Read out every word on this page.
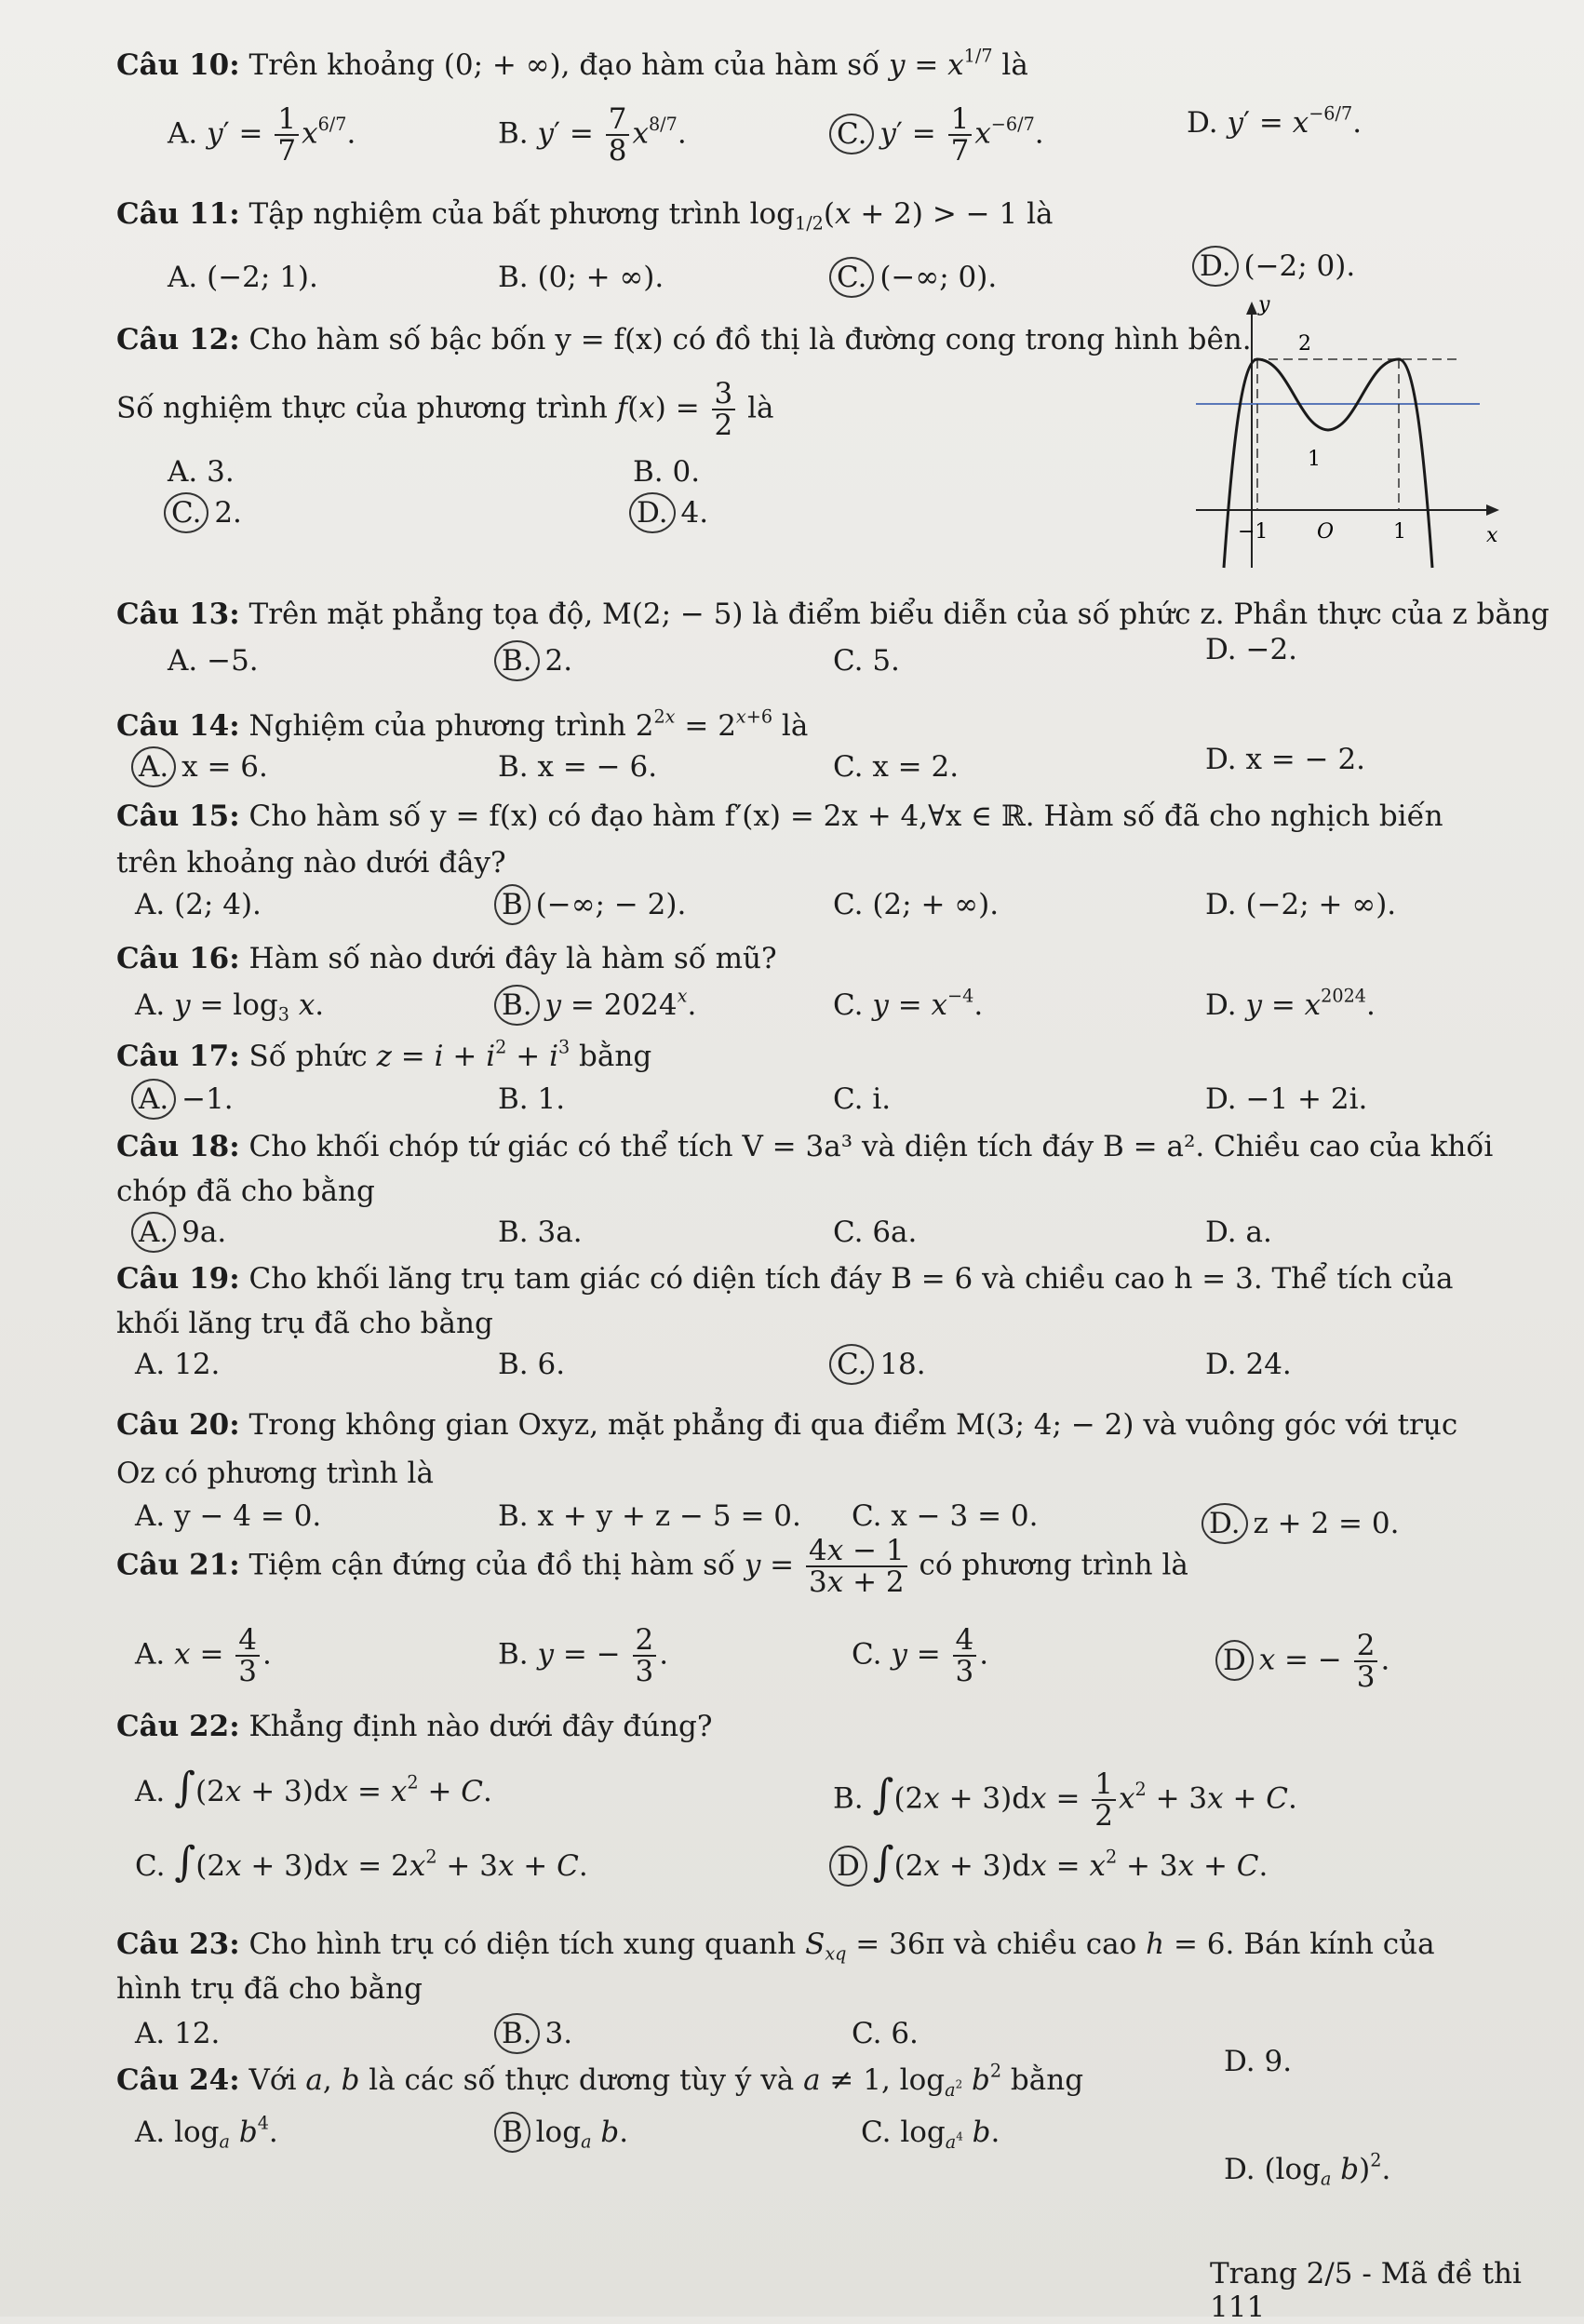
Câu 10: Trên khoảng (0; + ∞), đạo hàm của hàm số $y = x^{1/7}$ là
A. $y' = \frac{1}{7} x^{6/7}$.	B. $y' = \frac{7}{8} x^{8/7}$.	C. $y' = \frac{1}{7} x^{-6/7}$.	D. $y' = x^{-6/7}$.
Câu 11: Tập nghiệm của bất phương trình $\log_{1/2}(x + 2)$ > − 1 là
A. (−2; 1).	B. (0; + ∞).	C. (−∞; 0).	D. (−2; 0).
Câu 12: Cho hàm số bậc bốn y = f(x) có đồ thị là đường cong trong hình bên.
Số nghiệm thực của phương trình $f(x) = \frac{3}{2}$ là
A. 3.	B. 0.
C. 2.	D. 4.
y
2
1
−1 O	1	x
Câu 13: Trên mặt phẳng tọa độ, M(2; − 5) là điểm biểu diễn của số phức z. Phần thực của z bằng
A. −5.	B. 2.	C. 5.	D. −2.
Câu 14: Nghiệm của phương trình $2^{2x} = 2^{x+6}$ là
A. x = 6.	B. x = − 6.	C. x = 2.	D. x = − 2.
Câu 15: Cho hàm số y = f(x) có đạo hàm f′(x) = 2x + 4,∀x ∈ ℝ. Hàm số đã cho nghịch biến trên khoảng nào dưới đây?
A. (2; 4).	B (−∞; − 2).	C. (2; + ∞).	D. (−2; + ∞).
Câu 16: Hàm số nào dưới đây là hàm số mũ?
A. $y = \log_3 x$.	B. $y = 2024^x$.	C. $y = x^{-4}$.	D. $y = x^{2024}$.
Câu 17: Số phức $z = i + i^2 + i^3$ bằng
A. −1.	B. 1.	C. i.	D. −1 + 2i.
Câu 18: Cho khối chóp tứ giác có thể tích V = 3a³ và diện tích đáy B = a². Chiều cao của khối chóp đã cho bằng
A. 9a.	B. 3a.	C. 6a.	D. a.
Câu 19: Cho khối lăng trụ tam giác có diện tích đáy B = 6 và chiều cao h = 3. Thể tích của khối lăng trụ đã cho bằng
A. 12.	B. 6.	C. 18.	D. 24.
Câu 20: Trong không gian Oxyz, mặt phẳng đi qua điểm M(3; 4; − 2) và vuông góc với trục Oz có phương trình là
A. y − 4 = 0.	B. x + y + z − 5 = 0. C. x − 3 = 0.	D. z + 2 = 0.
Câu 21: Tiệm cận đứng của đồ thị hàm số $y = \frac{4x - 1}{3x + 2}$ có phương trình là
A. $x = \frac{4}{3}$ .	B. y = − $\frac{2}{3}$ .	C. $y = \frac{4}{3}$ .	D x = − $\frac{2}{3}$ .
Câu 22: Khẳng định nào dưới đây đúng?
A. $\int(2x + 3)dx = x^2 + C$.	B. $\int(2x + 3)dx = \frac{1}{2} x^2 + 3x + C$.
C. $\int(2x + 3)dx = 2x^2 + 3x + C$.	D $\int(2x + 3)dx = x^2 + 3x + C$.
Câu 23: Cho hình trụ có diện tích xung quanh $S_{xq} = 36\pi$ và chiều cao h = 6. Bán kính của hình trụ đã cho bằng
A. 12.	B. 3.	C. 6.
D. 9.
Câu 24: Với a, b là các số thực dương tùy ý và a ≠ 1, $\log_{a^2} b^2$ bằng
A. $\log_a b^4$.	B $\log_a b$.	C. $\log_{a^4} b$.
D. ($\log_a$ b)$^2$.
Trang 2/5 - Mã đề thi 111
